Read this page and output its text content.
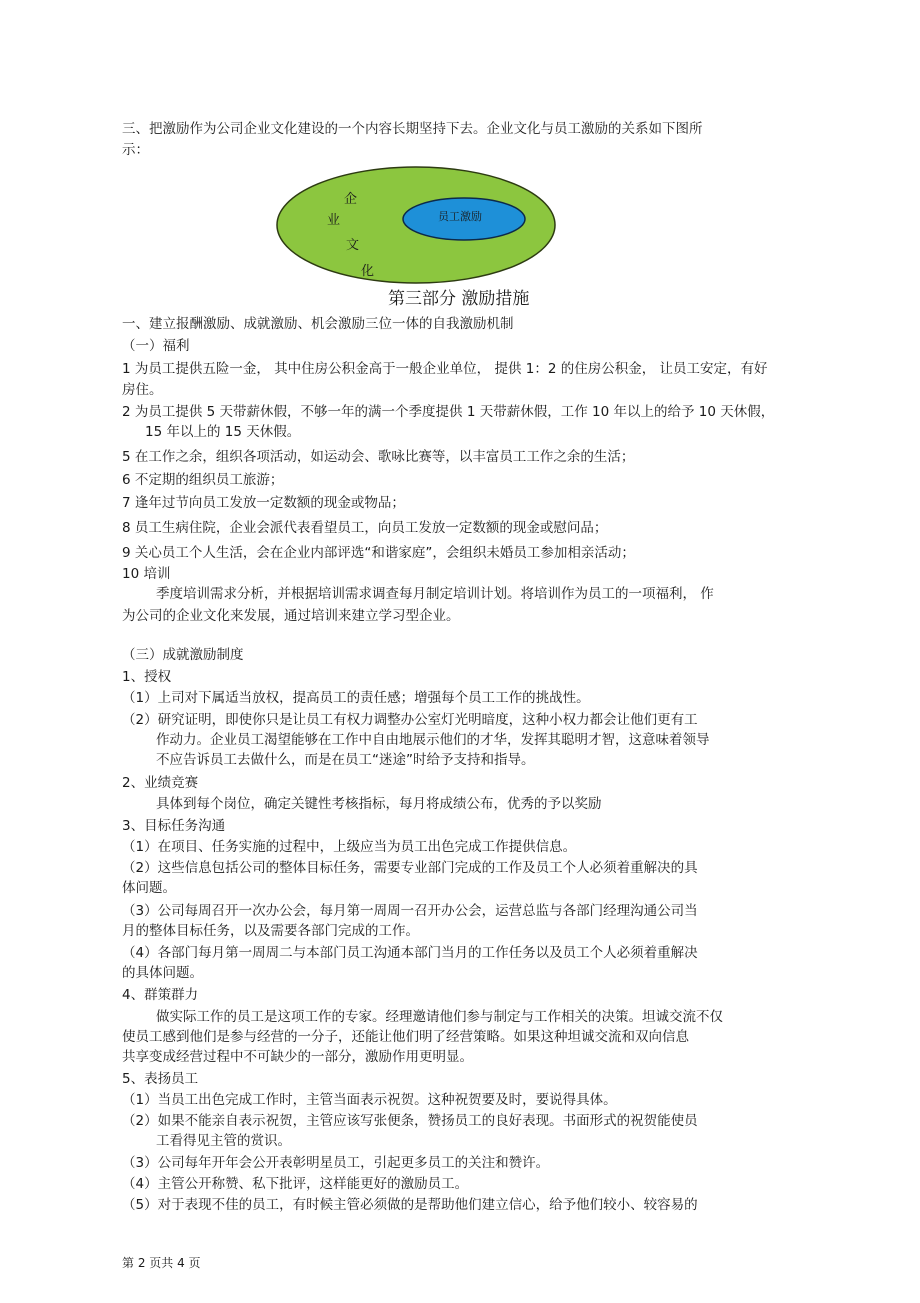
三、把激励作为公司企业文化建设的一个内容长期坚持下去。企业文化与员工激励的关系如下图所
示：
企
业
文
化
员工激励
第三部分 激励措施
一、建立报酬激励、成就激励、机会激励三位一体的自我激励机制
（一）福利
1 为员工提供五险一金， 其中住房公积金高于一般企业单位， 提供 1：2 的住房公积金， 让员工安定，有好
房住。
2 为员工提供 5 天带薪休假，不够一年的满一个季度提供 1 天带薪休假，工作 10 年以上的给予 10 天休假，
15 年以上的 15 天休假。
5 在工作之余，组织各项活动，如运动会、歌咏比赛等，以丰富员工工作之余的生活；
6 不定期的组织员工旅游；
7 逢年过节向员工发放一定数额的现金或物品；
8 员工生病住院，企业会派代表看望员工，向员工发放一定数额的现金或慰问品；
9 关心员工个人生活，会在企业内部评选“和谐家庭”，会组织未婚员工参加相亲活动；
10 培训
季度培训需求分析，并根据培训需求调查每月制定培训计划。将培训作为员工的一项福利， 作
为公司的企业文化来发展，通过培训来建立学习型企业。
（三）成就激励制度
1、授权
（1）上司对下属适当放权，提高员工的责任感；增强每个员工工作的挑战性。
（2）研究证明，即使你只是让员工有权力调整办公室灯光明暗度，这种小权力都会让他们更有工
作动力。企业员工渴望能够在工作中自由地展示他们的才华，发挥其聪明才智，这意味着领导
不应告诉员工去做什么，而是在员工“迷途”时给予支持和指导。
2、业绩竞赛
具体到每个岗位，确定关键性考核指标，每月将成绩公布，优秀的予以奖励
3、目标任务沟通
（1）在项目、任务实施的过程中，上级应当为员工出色完成工作提供信息。
（2）这些信息包括公司的整体目标任务，需要专业部门完成的工作及员工个人必须着重解决的具
体问题。
（3）公司每周召开一次办公会，每月第一周周一召开办公会，运营总监与各部门经理沟通公司当
月的整体目标任务，以及需要各部门完成的工作。
（4）各部门每月第一周周二与本部门员工沟通本部门当月的工作任务以及员工个人必须着重解决
的具体问题。
4、群策群力
做实际工作的员工是这项工作的专家。经理邀请他们参与制定与工作相关的决策。坦诚交流不仅
使员工感到他们是参与经营的一分子，还能让他们明了经营策略。如果这种坦诚交流和双向信息
共享变成经营过程中不可缺少的一部分，激励作用更明显。
5、表扬员工
（1）当员工出色完成工作时，主管当面表示祝贺。这种祝贺要及时，要说得具体。
（2）如果不能亲自表示祝贺，主管应该写张便条，赞扬员工的良好表现。书面形式的祝贺能使员
工看得见主管的赏识。
（3）公司每年开年会公开表彰明星员工，引起更多员工的关注和赞许。
（4）主管公开称赞、私下批评，这样能更好的激励员工。
（5）对于表现不佳的员工，有时候主管必须做的是帮助他们建立信心，给予他们较小、较容易的
第 2 页共 4 页
